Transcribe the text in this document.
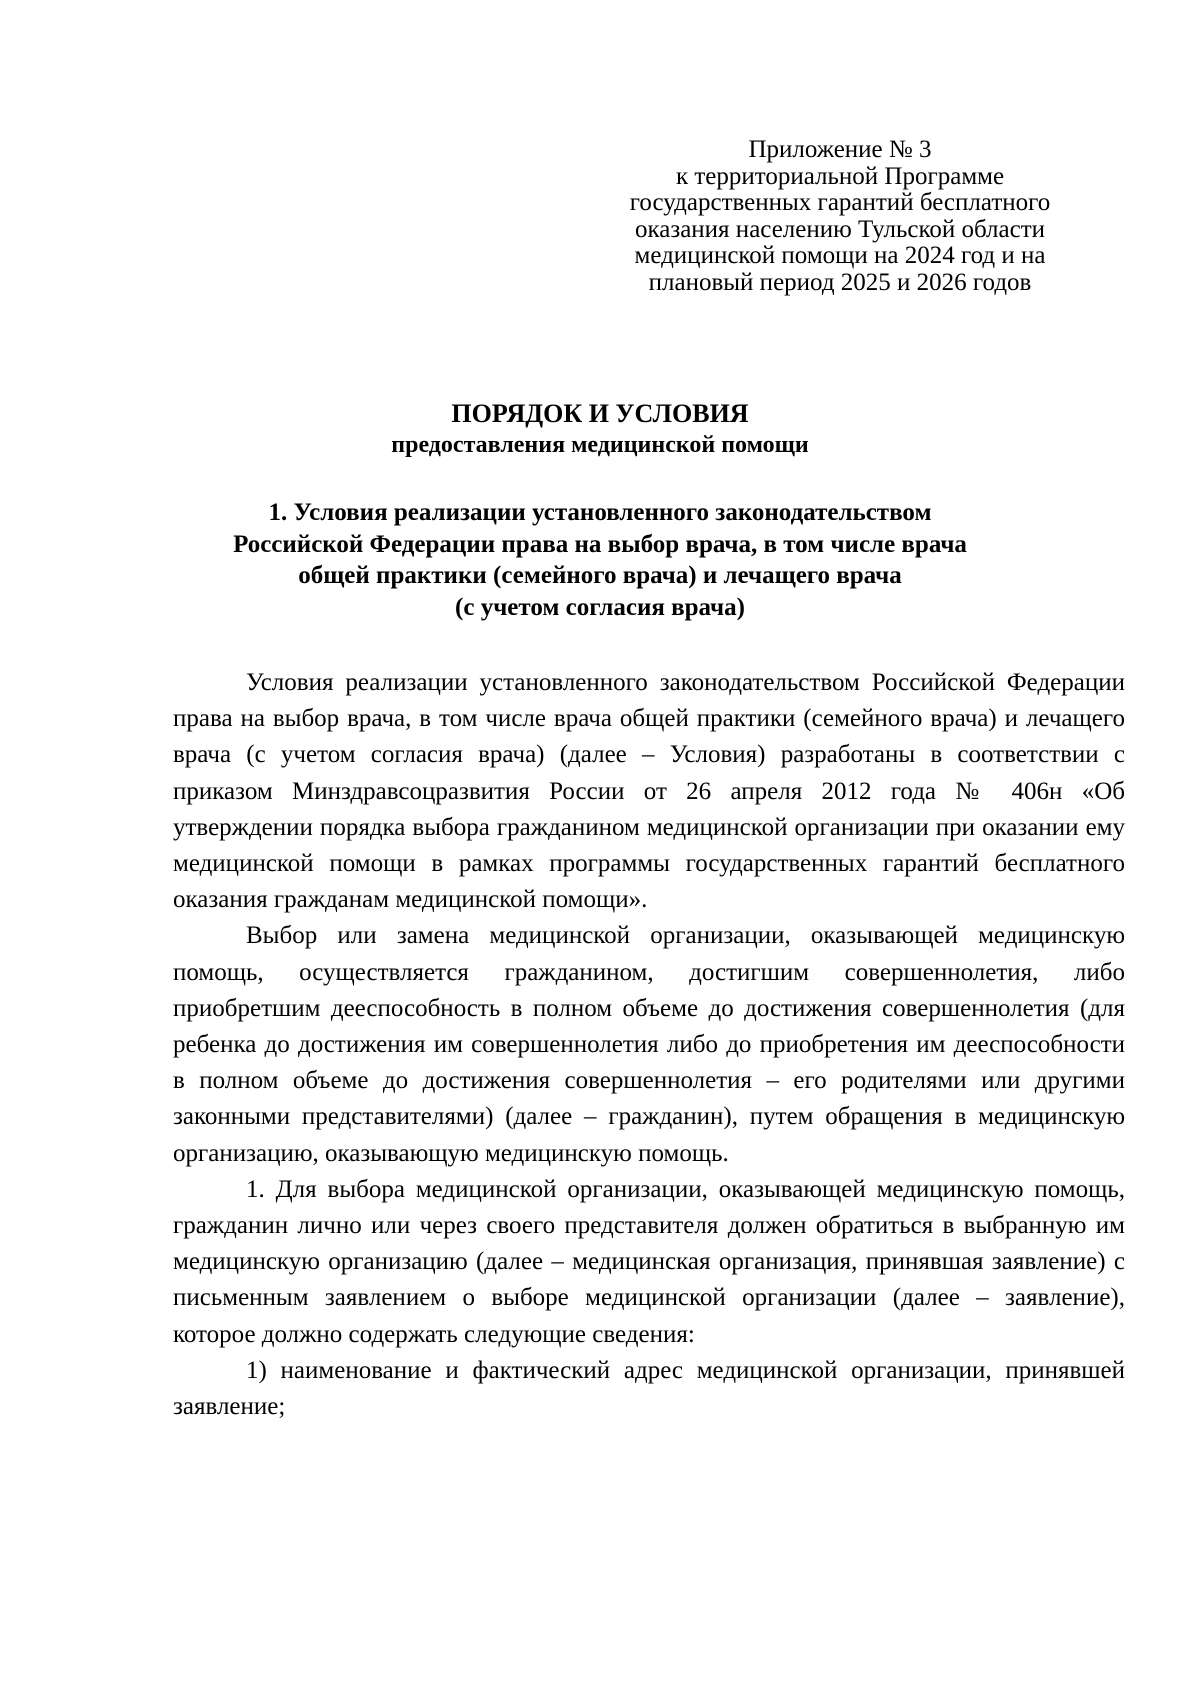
Приложение № 3
к территориальной Программе
государственных гарантий бесплатного
оказания населению Тульской области
медицинской помощи на 2024 год и на
плановый период 2025 и 2026 годов
ПОРЯДОК И УСЛОВИЯ
предоставления медицинской помощи
1. Условия реализации установленного законодательством
Российской Федерации права на выбор врача, в том числе врача
общей практики (семейного врача) и лечащего врача
(с учетом согласия врача)

Условия реализации установленного законодательством Российской Федерации права на выбор врача, в том числе врача общей практики (семейного врача) и лечащего врача (с учетом согласия врача) (далее – Условия) разработаны в соответствии с приказом Минздравсоцразвития России от 26 апреля 2012 года № 406н «Об утверждении порядка выбора гражданином медицинской организации при оказании ему медицинской помощи в рамках программы государственных гарантий бесплатного оказания гражданам медицинской помощи».

Выбор или замена медицинской организации, оказывающей медицинскую помощь, осуществляется гражданином, достигшим совершеннолетия, либо приобретшим дееспособность в полном объеме до достижения совершеннолетия (для ребенка до достижения им совершеннолетия либо до приобретения им дееспособности в полном объеме до достижения совершеннолетия – его родителями или другими законными представителями) (далее – гражданин), путем обращения в медицинскую организацию, оказывающую медицинскую помощь.

1. Для выбора медицинской организации, оказывающей медицинскую помощь, гражданин лично или через своего представителя должен обратиться в выбранную им медицинскую организацию (далее – медицинская организация, принявшая заявление) с письменным заявлением о выборе медицинской организации (далее – заявление), которое должно содержать следующие сведения:

1) наименование и фактический адрес медицинской организации, принявшей заявление;
